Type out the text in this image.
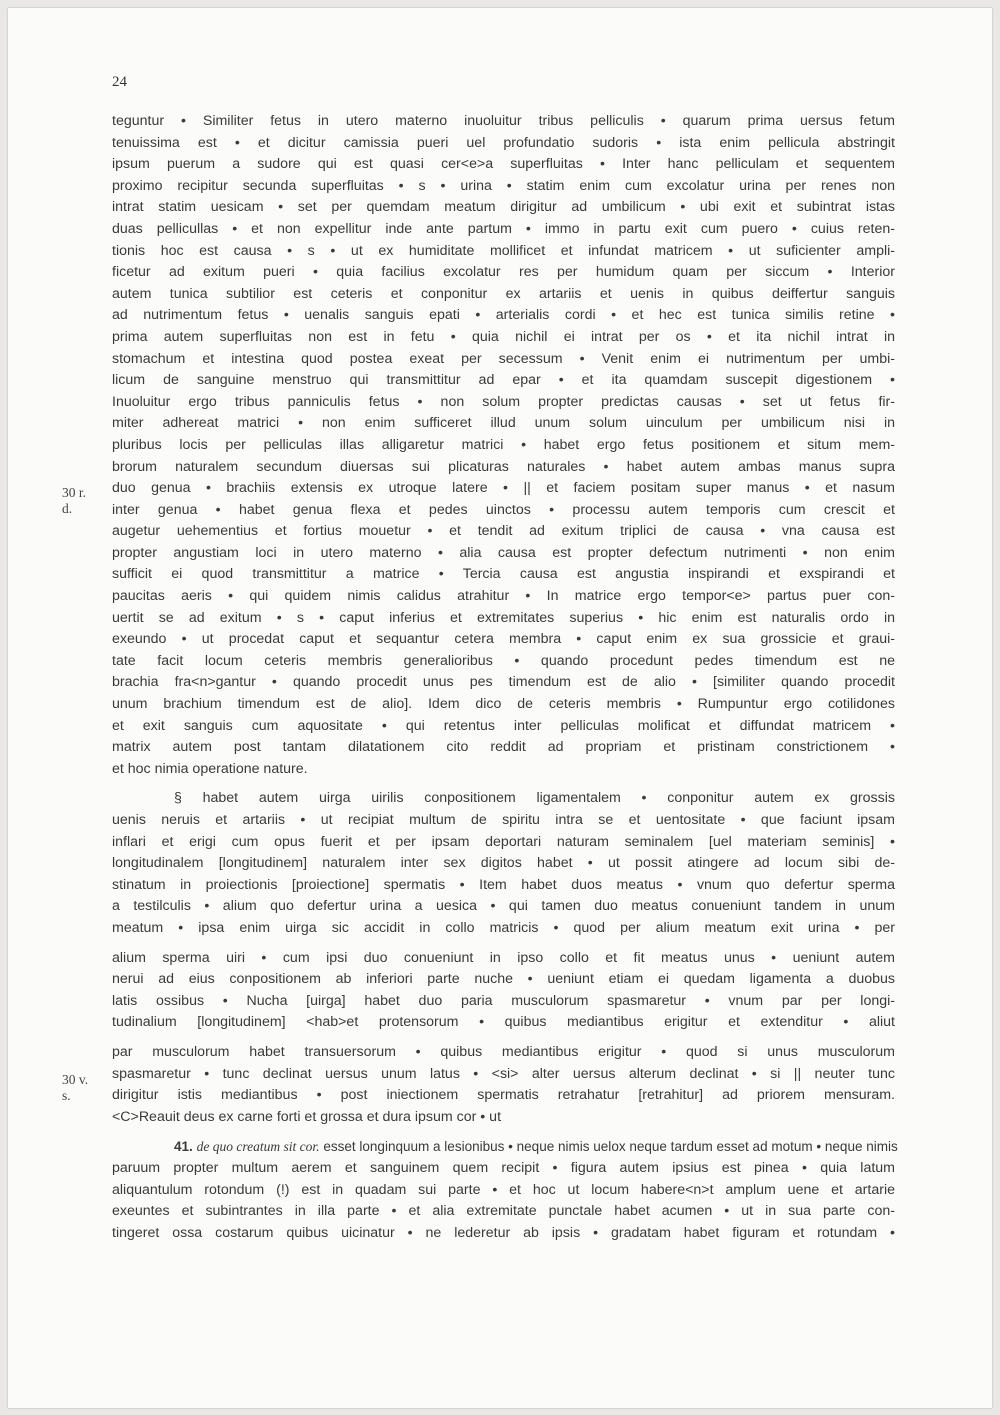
24
30 r. d.
30 v. s.
teguntur • Similiter fetus in utero materno inuoluitur tribus pelliculis • quarum prima uersus fetum
tenuissima est • et dicitur camissia pueri uel profundatio sudoris • ista enim pellicula abstringit
ipsum puerum a sudore qui est quasi cer<e>a superfluitas • Inter hanc pelliculam et sequentem
proximo recipitur secunda superfluitas • s • urina • statim enim cum excolatur urina per renes non
intrat statim uesicam • set per quemdam meatum dirigitur ad umbilicum • ubi exit et subintrat istas
duas pellicullas • et non expellitur inde ante partum • immo in partu exit cum puero • cuius reten-
tionis hoc est causa • s • ut ex humiditate mollificet et infundat matricem • ut suficienter ampli-
ficetur ad exitum pueri • quia facilius excolatur res per humidum quam per siccum • Interior
autem tunica subtilior est ceteris et conponitur ex artariis et uenis in quibus deiffertur sanguis
ad nutrimentum fetus • uenalis sanguis epati • arterialis cordi • et hec est tunica similis retine •
prima autem superfluitas non est in fetu • quia nichil ei intrat per os • et ita nichil intrat in
stomachum et intestina quod postea exeat per secessum • Venit enim ei nutrimentum per umbi-
licum de sanguine menstruo qui transmittitur ad epar • et ita quamdam suscepit digestionem •
Inuoluitur ergo tribus panniculis fetus • non solum propter predictas causas • set ut fetus fir-
miter adhereat matrici • non enim sufficeret illud unum solum uinculum per umbilicum nisi in
pluribus locis per pelliculas illas alligaretur matrici • habet ergo fetus positionem et situm mem-
brorum naturalem secundum diuersas sui plicaturas naturales • habet autem ambas manus supra
duo genua • brachiis extensis ex utroque latere • || et faciem positam super manus • et nasum
inter genua • habet genua flexa et pedes uinctos • processu autem temporis cum crescit et
augetur uehementius et fortius mouetur • et tendit ad exitum triplici de causa • vna causa est
propter angustiam loci in utero materno • alia causa est propter defectum nutrimenti • non enim
sufficit ei quod transmittitur a matrice • Tercia causa est angustia inspirandi et exspirandi et
paucitas aeris • qui quidem nimis calidus atrahitur • In matrice ergo tempor<e> partus puer con-
uertit se ad exitum • s • caput inferius et extremitates superius • hic enim est naturalis ordo in
exeundo • ut procedat caput et sequantur cetera membra • caput enim ex sua grossicie et graui-
tate facit locum ceteris membris generalioribus • quando procedunt pedes timendum est ne
brachia fra<n>gantur • quando procedit unus pes timendum est de alio • [similiter quando procedit
unum brachium timendum est de alio]. Idem dico de ceteris membris • Rumpuntur ergo cotilidones
et exit sanguis cum aquositate • qui retentus inter pelliculas molificat et diffundat matricem •
matrix autem post tantam dilatationem cito reddit ad propriam et pristinam constrictionem •
et hoc nimia operatione nature.
§ habet autem uirga uirilis conpositionem ligamentalem • conponitur autem ex grossis
uenis neruis et artariis • ut recipiat multum de spiritu intra se et uentositate • que faciunt ipsam
inflari et erigi cum opus fuerit et per ipsam deportari naturam seminalem [uel materiam seminis] •
longitudinalem [longitudinem] naturalem inter sex digitos habet • ut possit atingere ad locum sibi de-
stinatum in proiectionis [proiectione] spermatis • Item habet duos meatus • vnum quo defertur sperma
a testilculis • alium quo defertur urina a uesica • qui tamen duo meatus conueniunt tandem in unum
meatum • ipsa enim uirga sic accidit in collo matricis • quod per alium meatum exit urina • per
alium sperma uiri • cum ipsi duo conueniunt in ipso collo et fit meatus unus • ueniunt autem
nerui ad eius conpositionem ab inferiori parte nuche • ueniunt etiam ei quedam ligamenta a duobus
latis ossibus • Nucha [uirga] habet duo paria musculorum spasmaretur • vnum par per longi-
tudinalium [longitudinem] <hab>et protensorum • quibus mediantibus erigitur et extenditur • aliut
par musculorum habet transuersorum • quibus mediantibus erigitur • quod si unus musculorum
spasmaretur • tunc declinat uersus unum latus • <si> alter uersus alterum declinat • si || neuter tunc
dirigitur istis mediantibus • post iniectionem spermatis retrahatur [retrahitur] ad priorem mensuram.
<C>Reauit deus ex carne forti et grossa et dura ipsum cor • ut
41. de quo creatum sit cor. esset longinquum a lesionibus • neque nimis uelox neque tardum esset ad motum • neque nimis
paruum propter multum aerem et sanguinem quem recipit • figura autem ipsius est pinea • quia latum
aliquantulum rotondum (!) est in quadam sui parte • et hoc ut locum habere<n>t amplum uene et artarie
exeuntes et subintrantes in illa parte • et alia extremitate punctale habet acumen • ut in sua parte con-
tingeret ossa costarum quibus uicinatur • ne lederetur ab ipsis • gradatam habet figuram et rotundam •
